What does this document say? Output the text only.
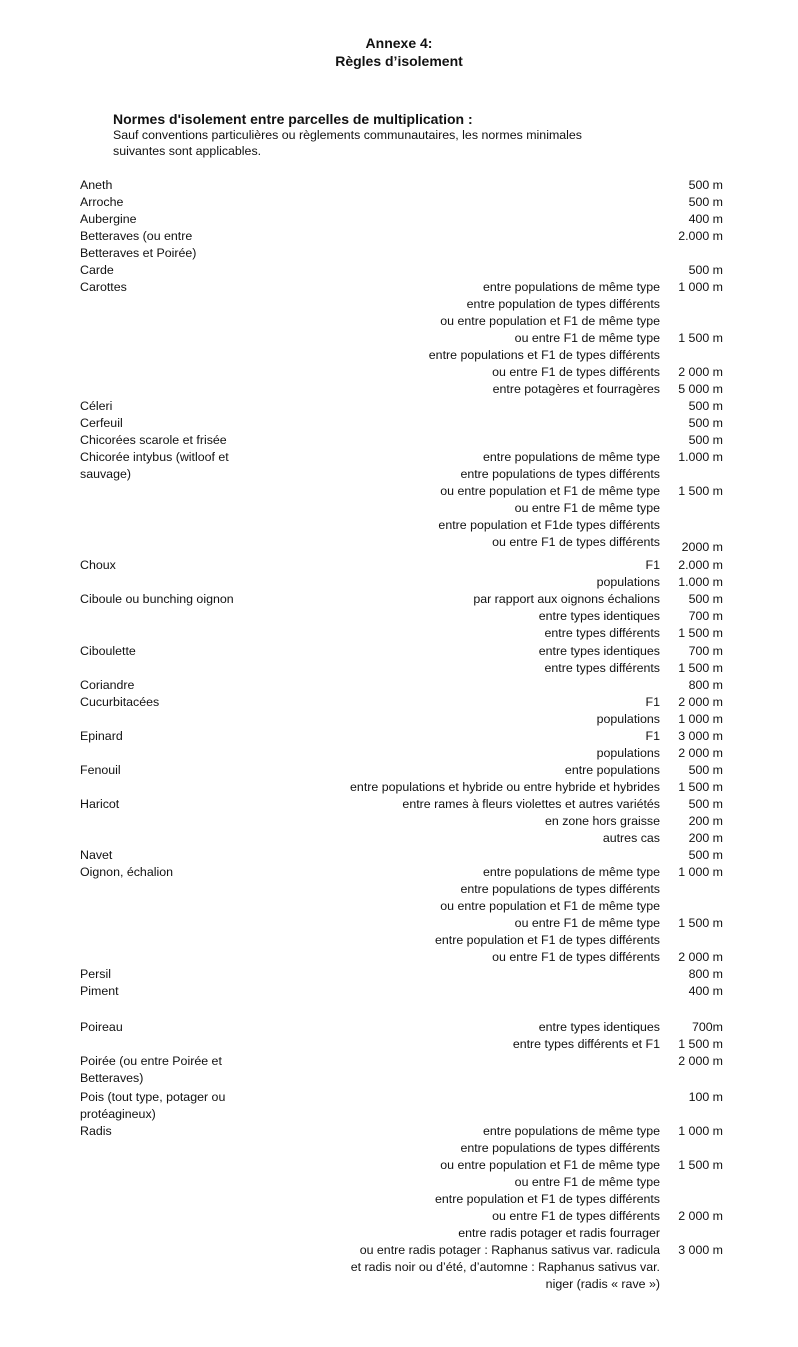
Annexe 4:
Règles d’isolement
Normes d'isolement entre parcelles de multiplication :
Sauf conventions particulières ou règlements communautaires, les normes minimales
suivantes sont applicables.
Aneth	500 m
Arroche	500 m
Aubergine	400 m
Betteraves (ou entre	2.000 m
Betteraves et Poirée)
Carde	500 m
Carottes	entre populations de même type 1 000 m
entre population de types différents
ou entre population et F1 de même type
ou entre F1 de même type 1 500 m
entre populations et F1 de types différents
ou entre F1 de types différents 2 000 m
entre potagères et fourragères 5 000 m
Céleri	500 m
Cerfeuil	500 m
Chicorées scarole et frisée	500 m
Chicorée intybus (witloof et	entre populations de même type 1.000 m
sauvage)	entre populations de types différents
ou entre population et F1 de même type 1 500 m
ou entre F1 de même type
entre population et F1de types différents
ou entre F1 de types différents 2000 m
Choux	F1 2.000 m
populations 1.000 m
Ciboule ou bunching oignon	par rapport aux oignons échalions 500 m
entre types identiques 700 m
entre types différents 1 500 m
Ciboulette	entre types identiques 700 m
entre types différents 1 500 m
Coriandre	800 m
Cucurbitacées	F1 2 000 m
populations 1 000 m
Epinard	F1 3 000 m
populations 2 000 m
Fenouil	entre populations 500 m
entre populations et hybride ou entre hybride et hybrides 1 500 m
Haricot	entre rames à fleurs violettes et autres variétés 500 m
en zone hors graisse 200 m
autres cas 200 m
Navet	500 m
Oignon, échalion	entre populations de même type 1 000 m
entre populations de types différents
ou entre population et F1 de même type
ou entre F1 de même type 1 500 m
entre population et F1 de types différents
ou entre F1 de types différents 2 000 m
Persil	800 m
Piment	400 m
Poireau	entre types identiques	700m
entre types différents et F1 1 500 m
Poirée (ou entre Poirée et	2 000 m
Betteraves)
Pois (tout type, potager ou	100 m
protéagineux)
Radis	entre populations de même type 1 000 m
entre populations de types différents
ou entre population et F1 de même type 1 500 m
ou entre F1 de même type
entre population et F1 de types différents
ou entre F1 de types différents 2 000 m
entre radis potager et radis fourrager
ou entre radis potager : Raphanus sativus var. radicula 3 000 m
et radis noir ou d’été, d’automne : Raphanus sativus var.
niger (radis « rave »)
